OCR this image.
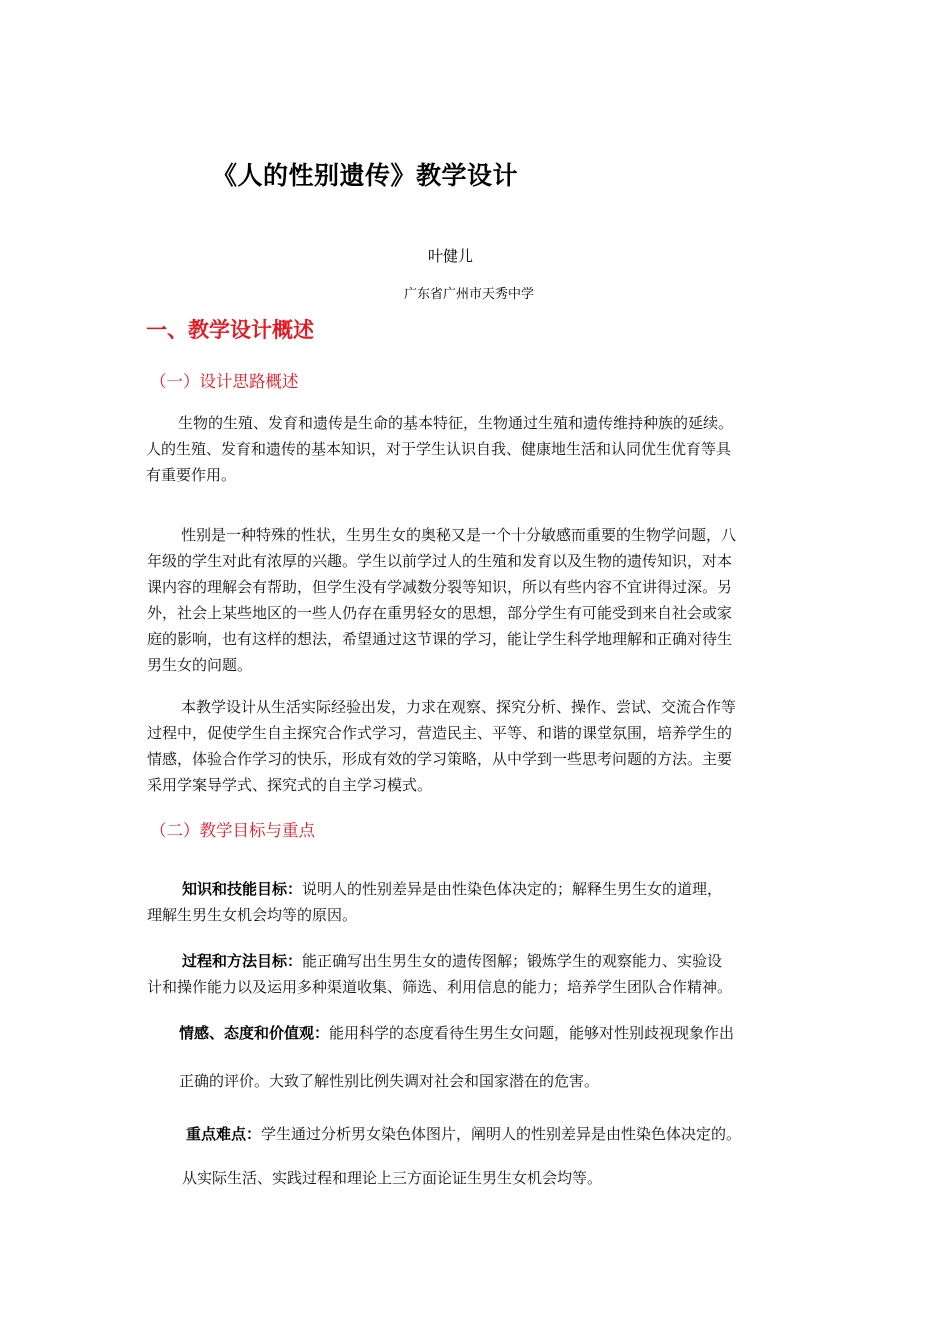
《人的性别遗传》教学设计
叶健儿
广东省广州市天秀中学
一、教学设计概述
（一）设计思路概述
生物的生殖、发育和遗传是生命的基本特征，生物通过生殖和遗传维持种族的延续。
人的生殖、发育和遗传的基本知识，对于学生认识自我、健康地生活和认同优生优育等具
有重要作用。
性别是一种特殊的性状，生男生女的奥秘又是一个十分敏感而重要的生物学问题，八
年级的学生对此有浓厚的兴趣。学生以前学过人的生殖和发育以及生物的遗传知识，对本
课内容的理解会有帮助，但学生没有学减数分裂等知识，所以有些内容不宜讲得过深。另
外，社会上某些地区的一些人仍存在重男轻女的思想，部分学生有可能受到来自社会或家
庭的影响，也有这样的想法，希望通过这节课的学习，能让学生科学地理解和正确对待生
男生女的问题。
本教学设计从生活实际经验出发，力求在观察、探究分析、操作、尝试、交流合作等
过程中，促使学生自主探究合作式学习，营造民主、平等、和谐的课堂氛围，培养学生的
情感，体验合作学习的快乐，形成有效的学习策略，从中学到一些思考问题的方法。主要
采用学案导学式、探究式的自主学习模式。
（二）教学目标与重点
知识和技能目标：说明人的性别差异是由性染色体决定的；解释生男生女的道理，
理解生男生女机会均等的原因。
过程和方法目标：能正确写出生男生女的遗传图解；锻炼学生的观察能力、实验设
计和操作能力以及运用多种渠道收集、筛选、利用信息的能力；培养学生团队合作精神。
情感、态度和价值观：能用科学的态度看待生男生女问题，能够对性别歧视现象作出
正确的评价。大致了解性别比例失调对社会和国家潜在的危害。
重点难点：学生通过分析男女染色体图片，阐明人的性别差异是由性染色体决定的。
从实际生活、实践过程和理论上三方面论证生男生女机会均等。
